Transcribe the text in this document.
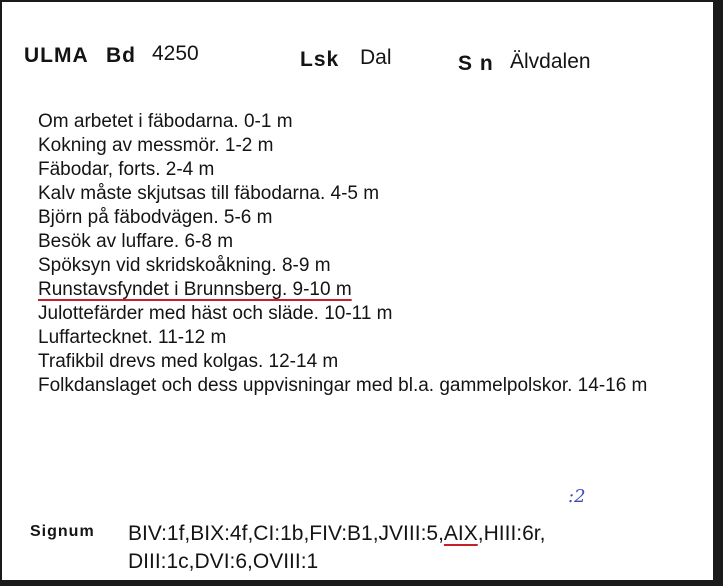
ULMA Bd 4250	Lsk Dal	S n Älvdalen
Om arbetet i fäbodarna. 0-1 m
Kokning av messmör. 1-2 m
Fäbodar, forts. 2-4 m
Kalv måste skjutsas till fäbodarna. 4-5 m
Björn på fäbodvägen. 5-6 m
Besök av luffare. 6-8 m
Spöksyn vid skridskoåkning. 8-9 m
Runstavsfyndet i Brunnsberg. 9-10 m
Julottefärder med häst och släde. 10-11 m
Luffartecknet. 11-12 m
Trafikbil drevs med kolgas. 12-14 m
Folkdanslaget och dess uppvisningar med bl.a. gammelpolskor. 14-16 m
:2
Signum BIV:1f,BIX:4f,CI:1b,FIV:B1,JVIII:5,AIX,HIII:6r, DIII:1c,DVI:6,OVIII:1
